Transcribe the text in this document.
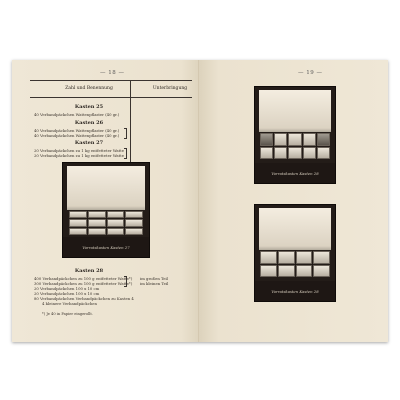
— 18 —
Zahl und Benennung	Unterbringung
Kasten 25
40 Verbandpäckchen Wattenpflaster (40 gr.)
Kasten 26
40 Verbandpäckchen Wattenpflaster (40 gr.)
40 Verbandpäckchen Wattenpflaster (40 gr.)
Kasten 27
20 Verbandpäckchen zu 1 kg entfetteter Watte
20 Verbandpäckchen zu 1 kg entfetteter Watte
Vorratskasten Kasten 27
Kasten 28
400 Verbandpäckchen zu 100 g entfetteter Watte*)
300 Verbandpäckchen zu 100 g entfetteter Watte*)
20 Verbandpäckchen 100 x 10 cm
20 Verbandpäckchen 100 x 10 cm
80 Verbandpäckchen Verbandpäckchen zu Kasten 4
4 kleinere Verbandpäckchen
im großen Teil
im kleinen Teil
*) Je 40 in Papier eingerollt.
— 19 —
Vorratskasten Kasten 28
Vorratskasten Kasten 28
